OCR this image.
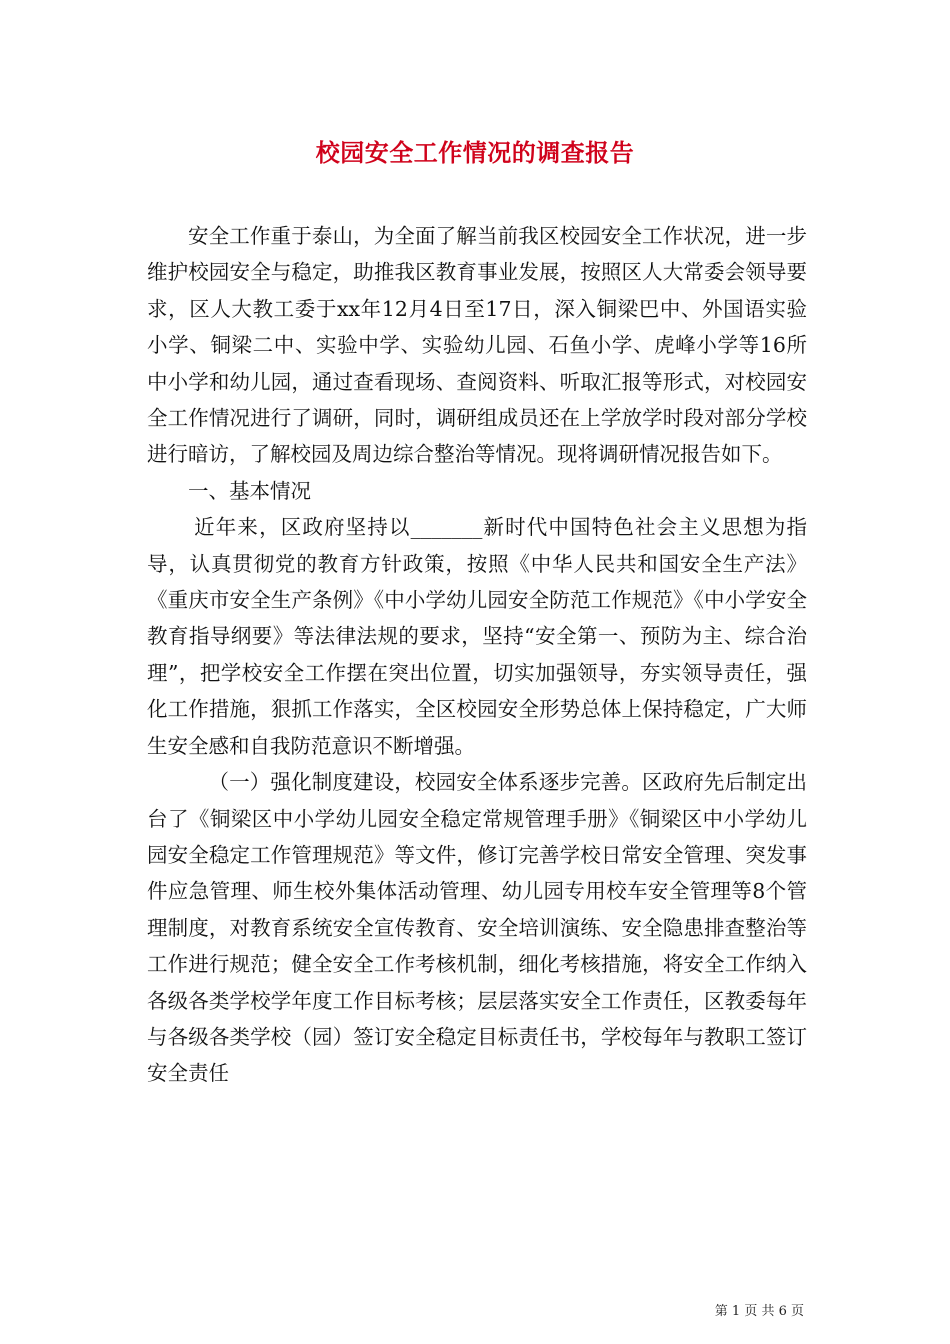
校园安全工作情况的调查报告

安全工作重于泰山，为全面了解当前我区校园安全工作状况，进一步维护校园安全与稳定，助推我区教育事业发展，按照区人大常委会领导要求，区人大教工委于xx年12月4日至17日，深入铜梁巴中、外国语实验小学、铜梁二中、实验中学、实验幼儿园、石鱼小学、虎峰小学等16所中小学和幼儿园，通过查看现场、查阅资料、听取汇报等形式，对校园安全工作情况进行了调研，同时，调研组成员还在上学放学时段对部分学校进行暗访，了解校园及周边综合整治等情况。现将调研情况报告如下。

一、基本情况

近年来，区政府坚持以_______新时代中国特色社会主义思想为指导，认真贯彻党的教育方针政策，按照《中华人民共和国安全生产法》《重庆市安全生产条例》《中小学幼儿园安全防范工作规范》《中小学安全教育指导纲要》等法律法规的要求，坚持“安全第一、预防为主、综合治理”，把学校安全工作摆在突出位置，切实加强领导，夯实领导责任，强化工作措施，狠抓工作落实，全区校园安全形势总体上保持稳定，广大师生安全感和自我防范意识不断增强。

（一）强化制度建设，校园安全体系逐步完善。区政府先后制定出台了《铜梁区中小学幼儿园安全稳定常规管理手册》《铜梁区中小学幼儿园安全稳定工作管理规范》等文件，修订完善学校日常安全管理、突发事件应急管理、师生校外集体活动管理、幼儿园专用校车安全管理等8个管理制度，对教育系统安全宣传教育、安全培训演练、安全隐患排查整治等工作进行规范；健全安全工作考核机制，细化考核措施，将安全工作纳入各级各类学校学年度工作目标考核；层层落实安全工作责任，区教委每年与各级各类学校（园）签订安全稳定目标责任书，学校每年与教职工签订安全责任

第 1 页 共 6 页
